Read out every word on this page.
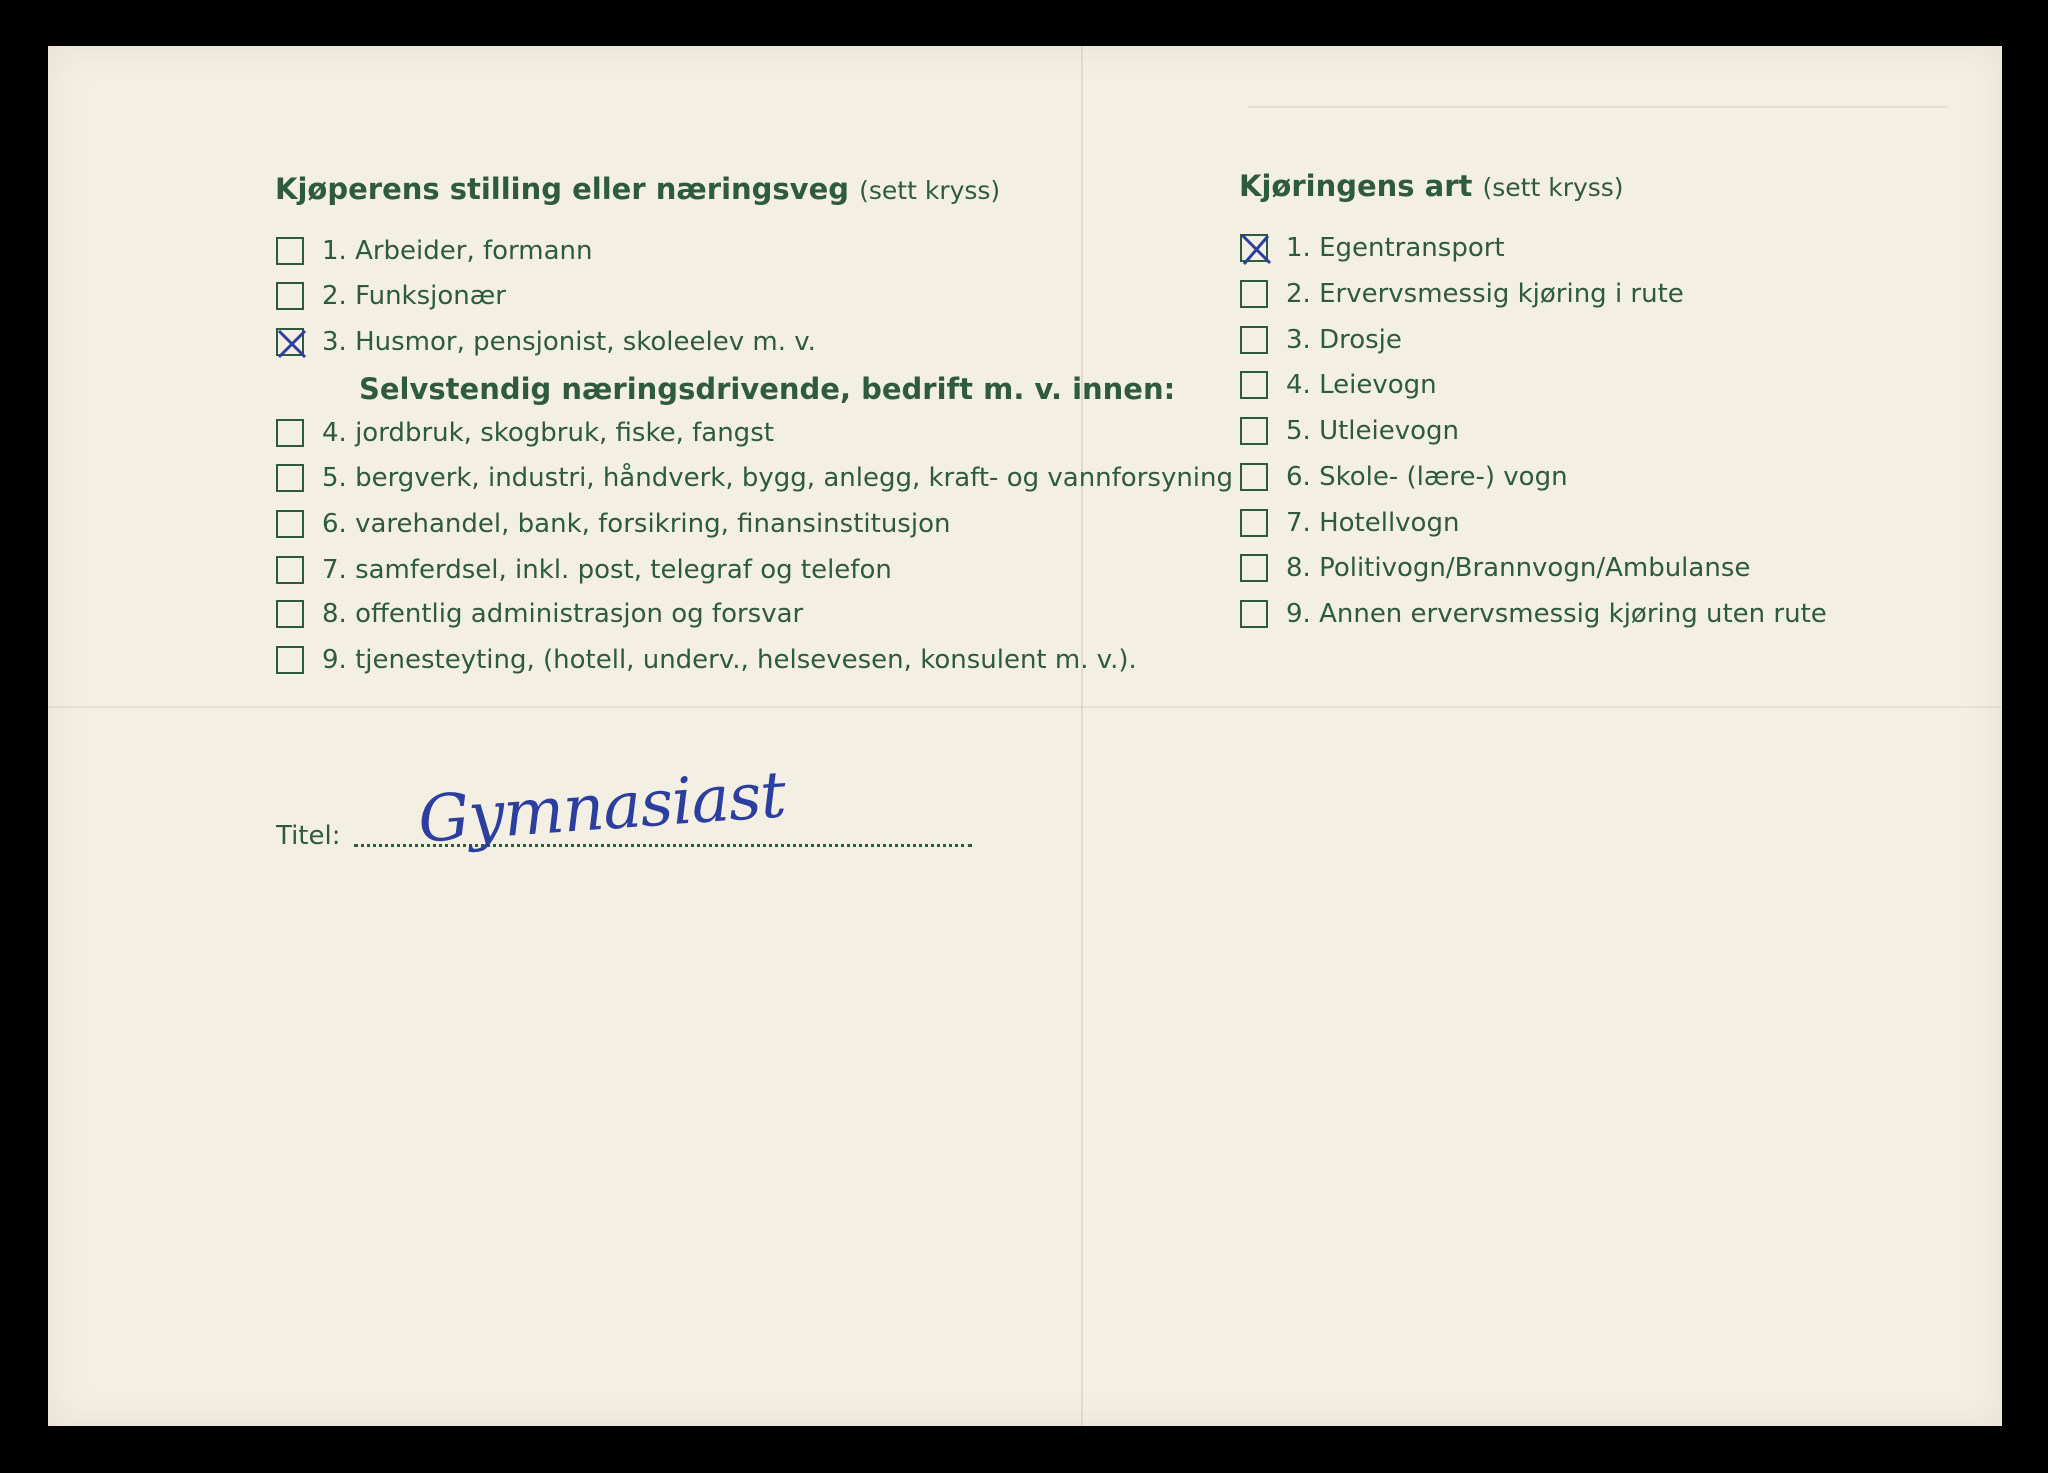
Kjøperens stilling eller næringsveg (sett kryss)
1. Arbeider, formann
2. Funksjonær
3. Husmor, pensjonist, skoleelev m. v.
Selvstendig næringsdrivende, bedrift m. v. innen:
4. jordbruk, skogbruk, fiske, fangst
5. bergverk, industri, håndverk, bygg, anlegg, kraft- og vannforsyning
6. varehandel, bank, forsikring, finansinstitusjon
7. samferdsel, inkl. post, telegraf og telefon
8. offentlig administrasjon og forsvar
9. tjenesteyting, (hotell, underv., helsevesen, konsulent m. v.).
Kjøringens art (sett kryss)
1. Egentransport
2. Ervervsmessig kjøring i rute
3. Drosje
4. Leievogn
5. Utleievogn
6. Skole- (lære-) vogn
7. Hotellvogn
8. Politivogn/Brannvogn/Ambulanse
9. Annen ervervsmessig kjøring uten rute
Titel: Gymnasiast
